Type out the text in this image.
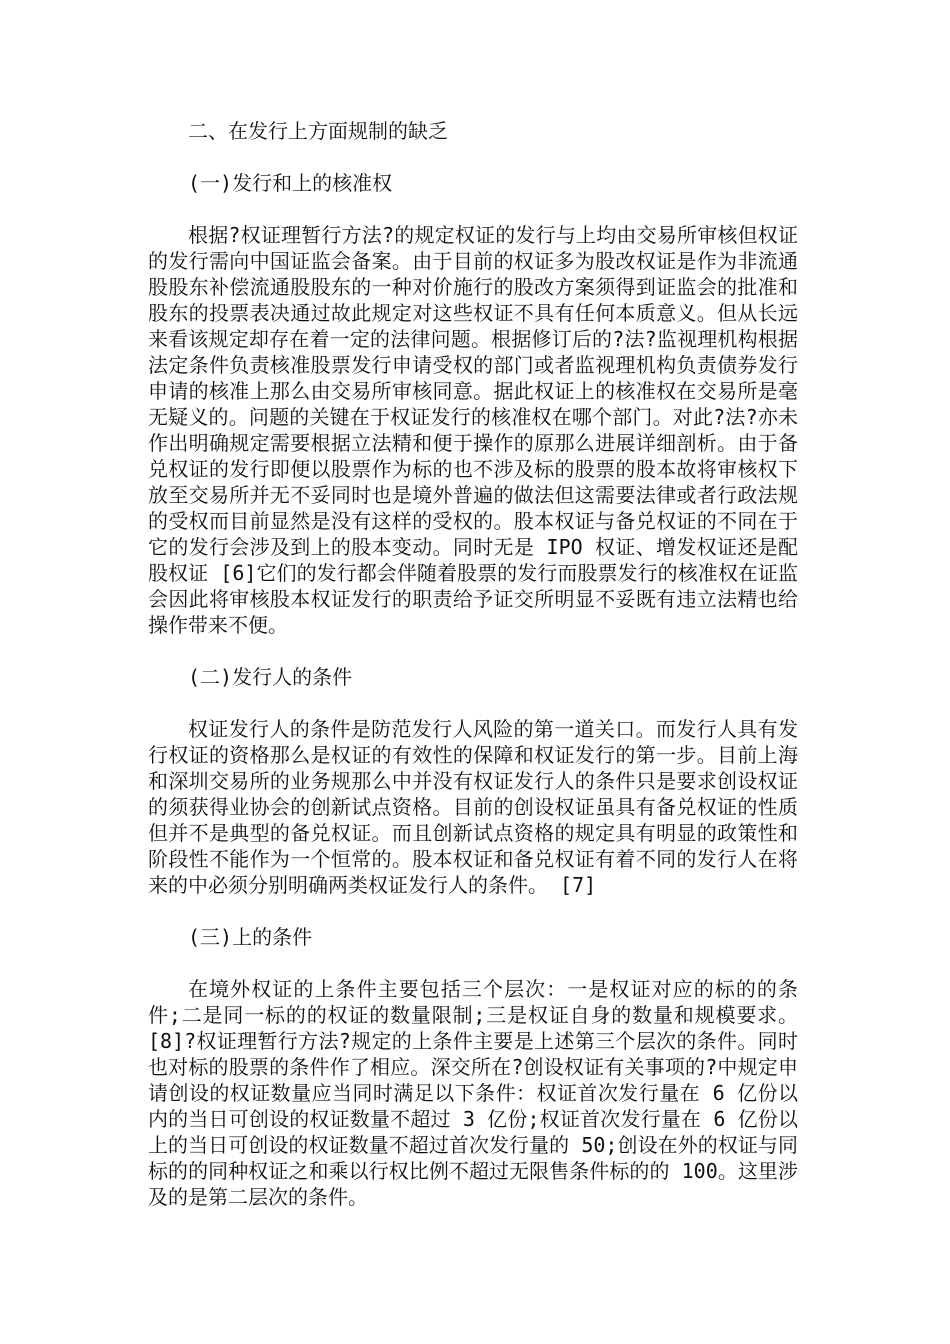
二、在发行上方面规制的缺乏
(一)发行和上的核准权

根据?权证理暂行方法?的规定权证的发行与上均由交易所审核但权证的发行需向中国证监会备案。由于目前的权证多为股改权证是作为非流通股股东补偿流通股股东的一种对价施行的股改方案须得到证监会的批准和股东的投票表决通过故此规定对这些权证不具有任何本质意义。但从长远来看该规定却存在着一定的法律问题。根据修订后的?法?监视理机构根据法定条件负责核准股票发行申请受权的部门或者监视理机构负责债券发行申请的核准上那么由交易所审核同意。据此权证上的核准权在交易所是毫无疑义的。问题的关键在于权证发行的核准权在哪个部门。对此?法?亦未作出明确规定需要根据立法精和便于操作的原那么进展详细剖析。由于备兑权证的发行即便以股票作为标的也不涉及标的股票的股本故将审核权下放至交易所并无不妥同时也是境外普遍的做法但这需要法律或者行政法规的受权而目前显然是没有这样的受权的。股本权证与备兑权证的不同在于它的发行会涉及到上的股本变动。同时无是 IPO 权证、增发权证还是配股权证 [6]它们的发行都会伴随着股票的发行而股票发行的核准权在证监会因此将审核股本权证发行的职责给予证交所明显不妥既有违立法精也给操作带来不便。

(二)发行人的条件

权证发行人的条件是防范发行人风险的第一道关口。而发行人具有发行权证的资格那么是权证的有效性的保障和权证发行的第一步。目前上海和深圳交易所的业务规那么中并没有权证发行人的条件只是要求创设权证的须获得业协会的创新试点资格。目前的创设权证虽具有备兑权证的性质但并不是典型的备兑权证。而且创新试点资格的规定具有明显的政策性和阶段性不能作为一个恒常的。股本权证和备兑权证有着不同的发行人在将来的中必须分别明确两类权证发行人的条件。 [7]

(三)上的条件

在境外权证的上条件主要包括三个层次：一是权证对应的标的的条件;二是同一标的的权证的数量限制;三是权证自身的数量和规模要求。 [8]?权证理暂行方法?规定的上条件主要是上述第三个层次的条件。同时也对标的股票的条件作了相应。深交所在?创设权证有关事项的?中规定申请创设的权证数量应当同时满足以下条件：权证首次发行量在 6 亿份以内的当日可创设的权证数量不超过 3 亿份;权证首次发行量在 6 亿份以上的当日可创设的权证数量不超过首次发行量的 50;创设在外的权证与同标的的同种权证之和乘以行权比例不超过无限售条件标的的 100。这里涉及的是第二层次的条件。
